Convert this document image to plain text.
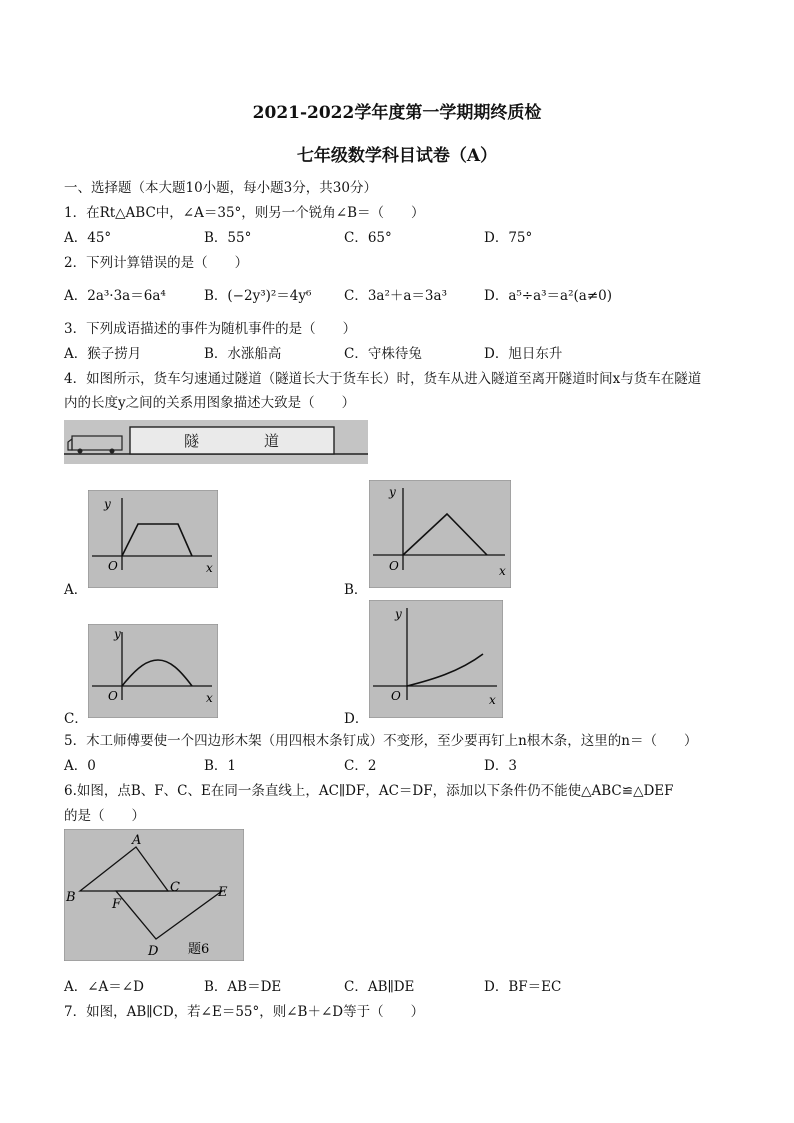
2021-2022学年度第一学期期终质检
七年级数学科目试卷（A）
一、选择题（本大题10小题，每小题3分，共30分）
1．在Rt△ABC中，∠A＝35°，则另一个锐角∠B＝（　　）
A．45°	B．55°	C．65°	D．75°
2．下列计算错误的是（　　）
A．2a³·3a＝6a⁴	B．(−2y³)²＝4y⁶ C．3a²＋a＝3a³	D．a⁵÷a³＝a²(a≠0)
3．下列成语描述的事件为随机事件的是（　　）
A．猴子捞月	B．水涨船高	C．守株待兔	D．旭日东升
4．如图所示，货车匀速通过隧道（隧道长大于货车长）时，货车从进入隧道至离开隧道时间x与货车在隧道
内的长度y之间的关系用图象描述大致是（　　）
隧	道
A．
y
x
O
B．
y
x
O
C．
y
x
O
D．
y
x
O
5．木工师傅要使一个四边形木架（用四根木条钉成）不变形，至少要再钉上n根木条，这里的n＝（　　）
A．0	B．1	C．2	D．3
6.如图，点B、F、C、E在同一条直线上，AC∥DF，AC＝DF，添加以下条件仍不能使△ABC≌△DEF
的是（　　）
A
B
C
D
E
F
题6
A．∠A＝∠D	B．AB＝DE	C．AB∥DE	D．BF＝EC
7．如图，AB∥CD，若∠E＝55°，则∠B＋∠D等于（　　）
